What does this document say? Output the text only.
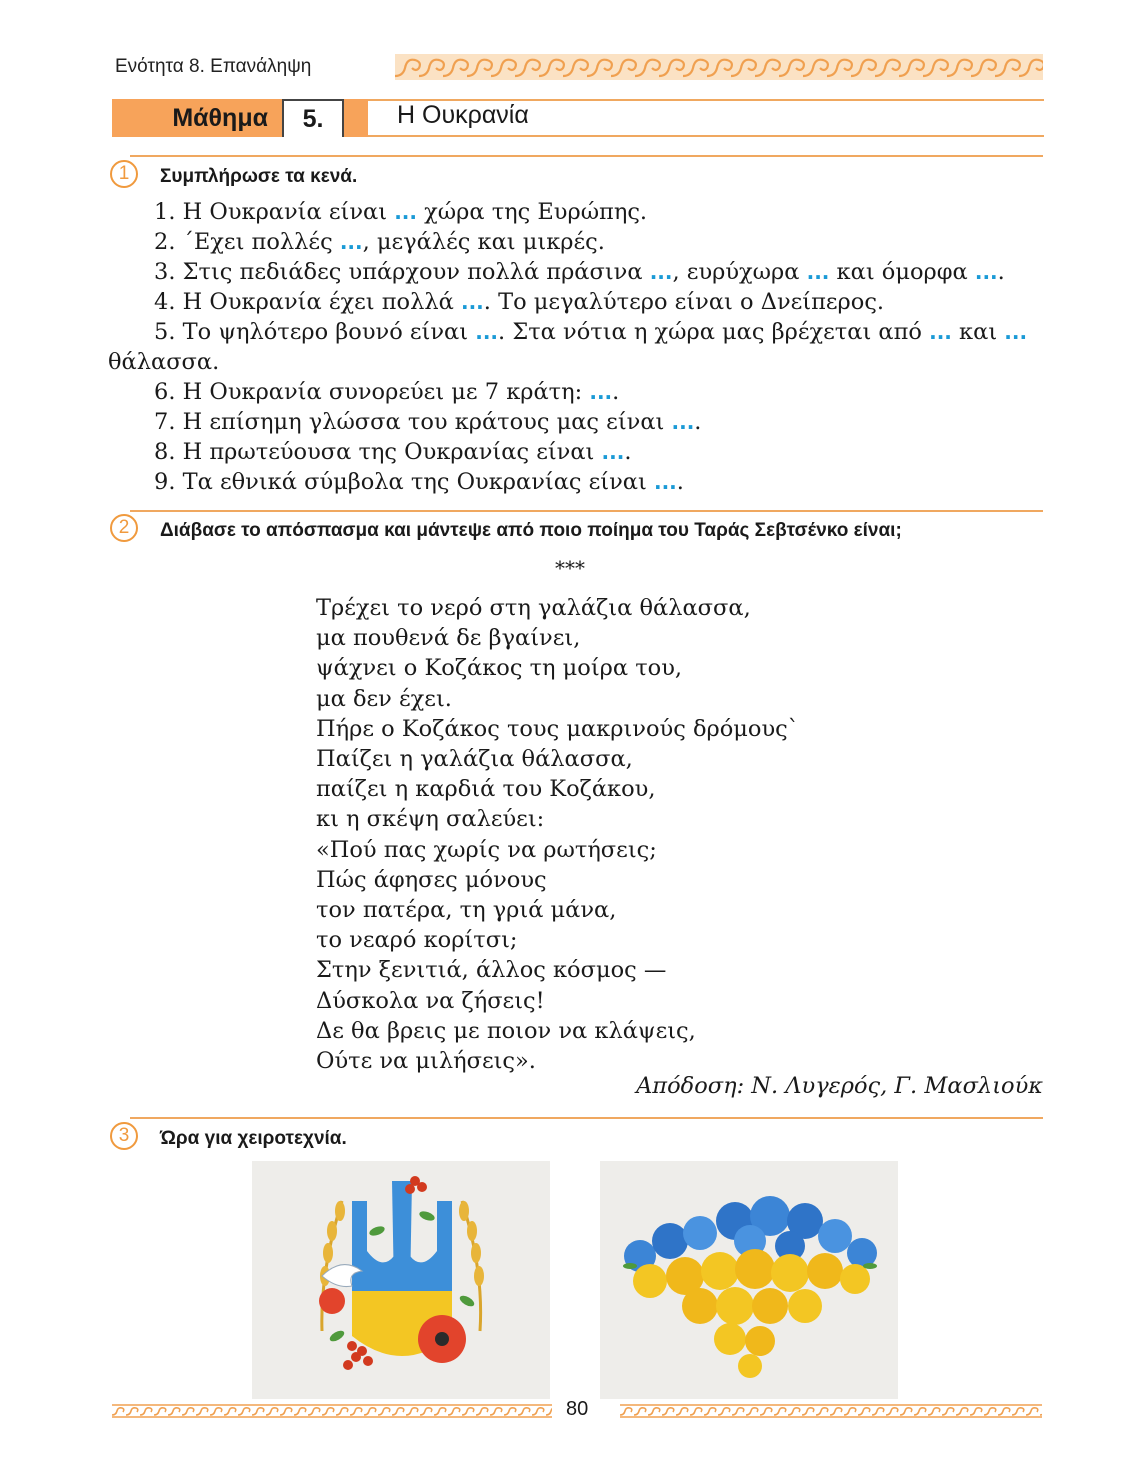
Ενότητα 8. Επανάληψη
Μάθημα	5.	Η Ουκρανία
1	Συμπλήρωσε τα κενά.
1. Η Ουκρανία είναι ... χώρα της Ευρώπης.
2. ΄Εχει πολλές ..., μεγάλές και μικρές.
3. Στις πεδιάδες υπάρχουν πολλά πράσινα ..., ευρύχωρα ... και όμορφα ....
4. Η Ουκρανία έχει πολλά .... Το μεγαλύτερο είναι ο Δνείπερος.
5. Το ψηλότερο βουνό είναι .... Στα νότια η χώρα μας βρέχεται από ... και ... θάλασσα.
6. Η Ουκρανία συνορεύει με 7 κράτη: ....
7. Η επίσημη γλώσσα του κράτους μας είναι ....
8. Η πρωτεύουσα της Ουκρανίας είναι ....
9. Τα εθνικά σύμβολα της Ουκρανίας είναι ....
2	Διάβασε το απόσπασμα και μάντεψε από ποιο ποίημα του Ταράς Σεβτσένκο είναι;
***
Τρέχει το νερό στη γαλάζια θάλασσα,
μα πουθενά δε βγαίνει,
ψάχνει ο Κοζάκος τη μοίρα του,
μα δεν έχει.
Πήρε ο Κοζάκος τους μακρινούς δρόμους`
Παίζει η γαλάζια θάλασσα,
παίζει η καρδιά του Κοζάκου,
κι η σκέψη σαλεύει:
«Πού πας χωρίς να ρωτήσεις;
Πώς άφησες μόνους
τον πατέρα, τη γριά μάνα,
το νεαρό κορίτσι;
Στην ξενιτιά, άλλος κόσμος —
Δύσκολα να ζήσεις!
Δε θα βρεις με ποιον να κλάψεις,
Ούτε να μιλήσεις».
Απόδοση: Ν. Λυγερός, Γ. Μασλιούκ
3	Ώρα για χειροτεχνία.
80
